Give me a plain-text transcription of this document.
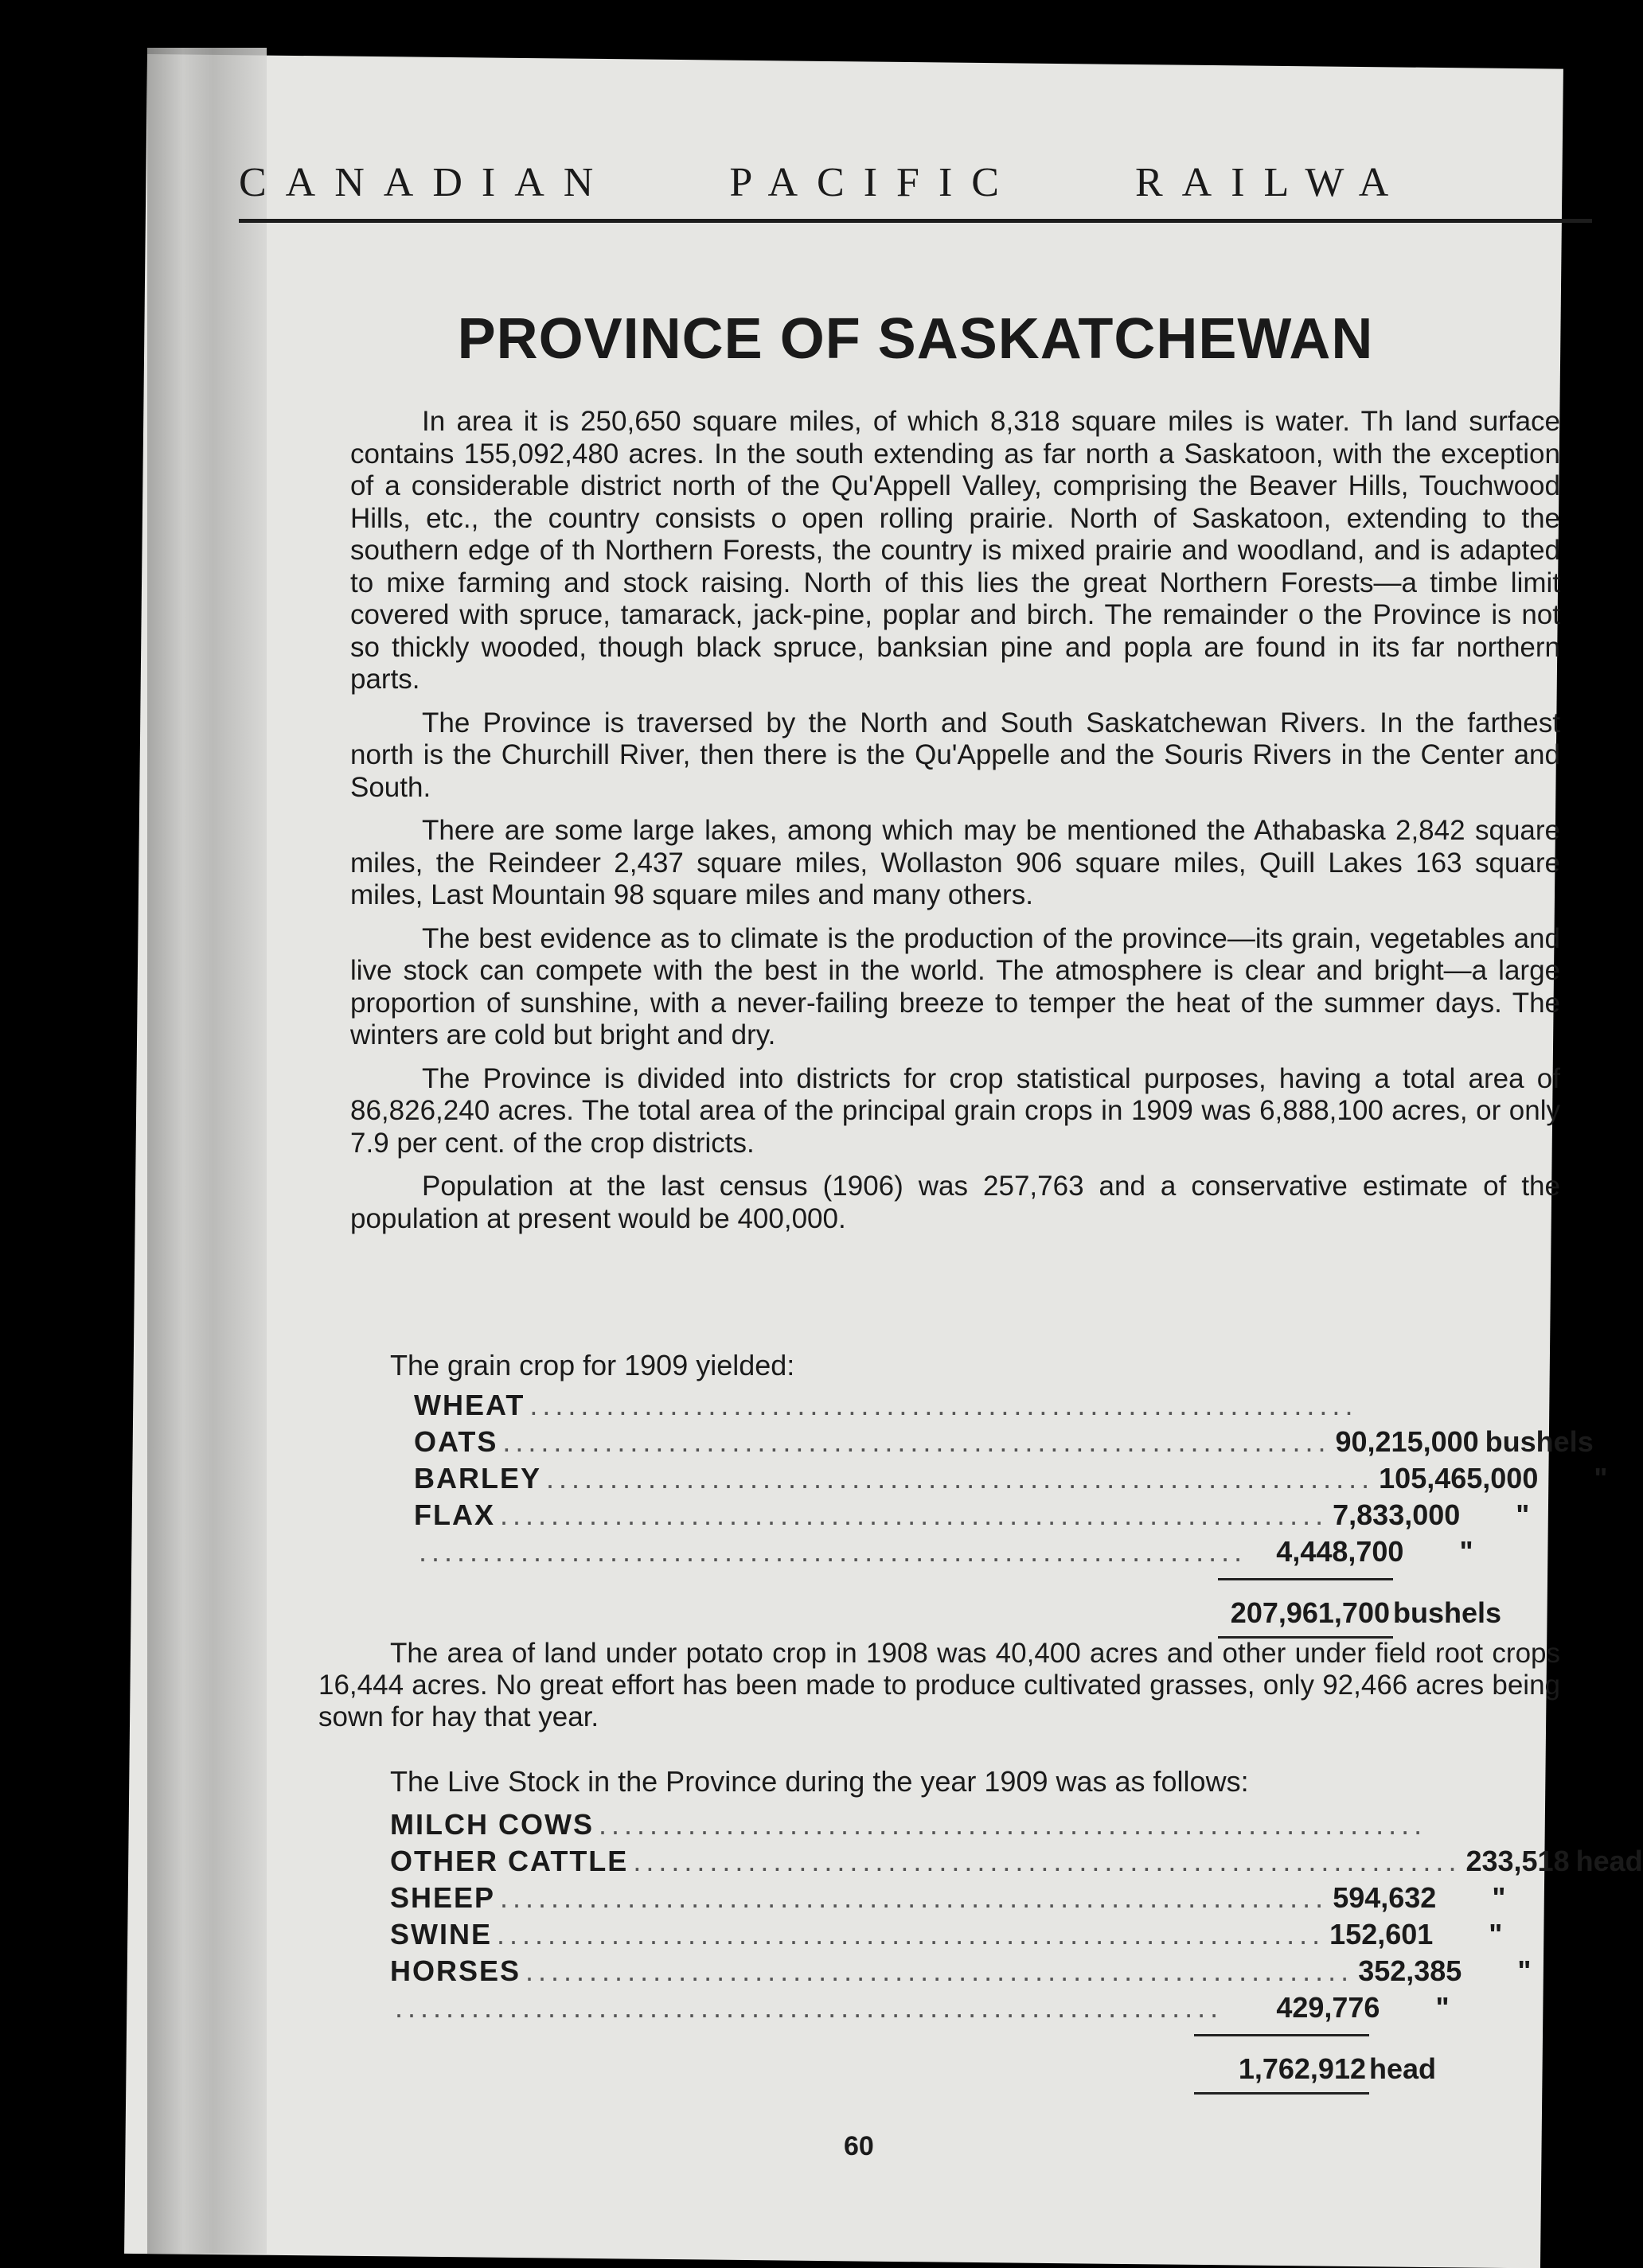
CANADIAN	PACIFIC	RAILWA
PROVINCE OF SASKATCHEWAN

In area it is 250,650 square miles, of which 8,318 square miles is water. Th land surface contains 155,092,480 acres. In the south extending as far north a Saskatoon, with the exception of a considerable district north of the Qu'Appell Valley, comprising the Beaver Hills, Touchwood Hills, etc., the country consists o open rolling prairie. North of Saskatoon, extending to the southern edge of th Northern Forests, the country is mixed prairie and woodland, and is adapted to mixe farming and stock raising. North of this lies the great Northern Forests—a timbe limit covered with spruce, tamarack, jack-pine, poplar and birch. The remainder o the Province is not so thickly wooded, though black spruce, banksian pine and popla are found in its far northern parts.

The Province is traversed by the North and South Saskatchewan Rivers. In the farthest north is the Churchill River, then there is the Qu'Appelle and the Souris Rivers in the Center and South.

There are some large lakes, among which may be mentioned the Athabaska 2,842 square miles, the Reindeer 2,437 square miles, Wollaston 906 square miles, Quill Lakes 163 square miles, Last Mountain 98 square miles and many others.

The best evidence as to climate is the production of the province—its grain, vegetables and live stock can compete with the best in the world. The atmosphere is clear and bright—a large proportion of sunshine, with a never-failing breeze to temper the heat of the summer days. The winters are cold but bright and dry.

The Province is divided into districts for crop statistical purposes, having a total area of 86,826,240 acres. The total area of the principal grain crops in 1909 was 6,888,100 acres, or only 7.9 per cent. of the crop districts.

Population at the last census (1906) was 257,763 and a conservative estimate of the population at present would be 400,000.

The grain crop for 1909 yielded:
WHEAT .................................................................
OATS ................................................................. 90,215,000 bushels
BARLEY ................................................................. 105,465,000	"
FLAX ................................................................. 7,833,000	"
.................................................................	4,448,700	"
207,961,700 bushels

The area of land under potato crop in 1908 was 40,400 acres and other under field root crops 16,444 acres. No great effort has been made to produce cultivated grasses, only 92,466 acres being sown for hay that year.

The Live Stock in the Province during the year 1909 was as follows:
MILCH COWS .................................................................
OTHER CATTLE ................................................................. 233,518 head
SHEEP ................................................................. 594,632	"
SWINE ................................................................. 152,601	"
HORSES ................................................................. 352,385	"
.................................................................	429,776	"
1,762,912 head
60
